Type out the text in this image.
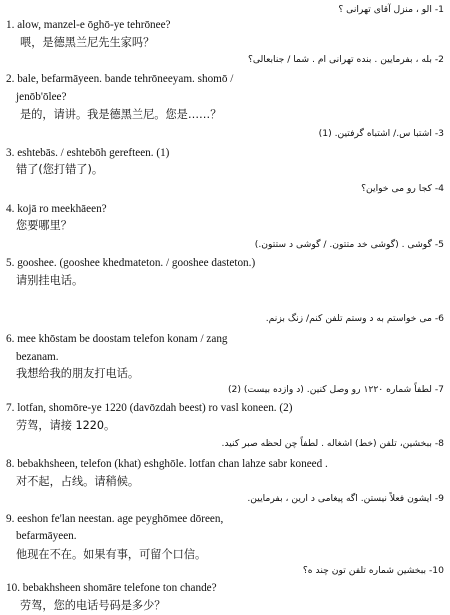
1- الو ، منزل آقای تهرانی ؟
1. alow, manzel-e ōghō-ye tehrōnee?
喂，是德黑兰尼先生家吗？
2- بله ، بفرمایین . بنده تهرانی ام . شما / جنابعالی؟
2. bale, befarmāyeen. bande tehrōneeyam. shomō /
jenōb'ōlee?
是的，请讲。我是德黑兰尼。您是……？
3- اشتبا س./ اشتباه گرفتین. (1)
3. eshtebās. / eshtebōh gerefteen. (1)
错了(您打错了)。
4- کجا رو می خواین؟
4. kojā ro meekhāeen?
您要哪里？
5- گوشی . (گوشی خد متتون. / گوشی د ستتون.)
5. gooshee. (gooshee khedmateton. / gooshee dasteton.)
请别挂电话。
6- می خواستم به د وستم تلفن کنم/ زنگ بزنم.
6. mee khōstam be doostam telefon konam / zang
bezanam.
我想给我的朋友打电话。
7- لطفاً شماره ۱۲۲۰ رو وصل کنین. (د وازده بیست) (2)
7. lotfan, shomōre-ye 1220 (davōzdah beest) ro vasl koneen. (2)
劳驾，请接 1220。
8- ببخشین، تلفن (خط) اشغاله . لطفاً چن لحظه صبر کنید.
8. bebakhsheen, telefon (khat) eshghōle. lotfan chan lahze sabr koneed .
对不起，占线。请稍候。
9- ایشون فعلاً نیستن. اگه پیغامی د ارین ، بفرمایین.
9. eeshon fe'lan neestan. age peyghōmee dōreen,
befarmāyeen.
他现在不在。如果有事，可留个口信。
10- ببخشین شماره تلفن تون چند ه؟
10. bebakhsheen shomāre telefone ton chande?
劳驾，您的电话号码是多少？
